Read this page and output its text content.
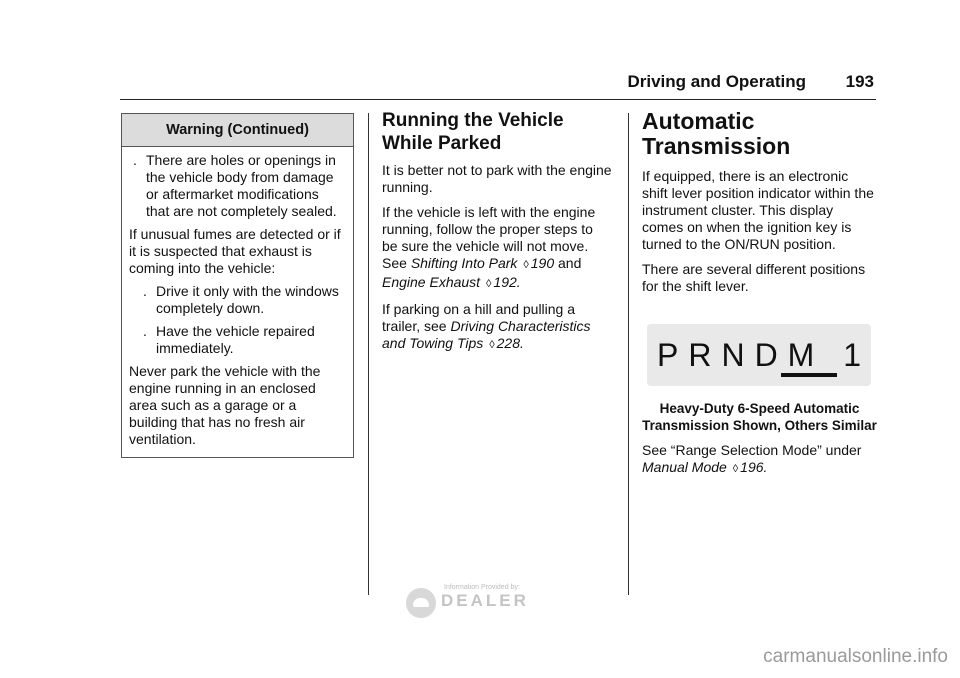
Driving and Operating 193
Warning (Continued)
. There are holes or openings in the vehicle body from damage or aftermarket modifications that are not completely sealed.

If unusual fumes are detected or if it is suspected that exhaust is coming into the vehicle:

. Drive it only with the windows completely down.
. Have the vehicle repaired immediately.

Never park the vehicle with the engine running in an enclosed area such as a garage or a building that has no fresh air ventilation.

Running the Vehicle While Parked

It is better not to park with the engine running.

If the vehicle is left with the engine running, follow the proper steps to be sure the vehicle will not move. See Shifting Into Park ◊ 190 and Engine Exhaust ◊ 192.

If parking on a hill and pulling a trailer, see Driving Characteristics and Towing Tips ◊ 228.

Automatic Transmission

If equipped, there is an electronic shift lever position indicator within the instrument cluster. This display comes on when the ignition key is turned to the ON/RUN position.

There are several different positions for the shift lever.

PRNDM 1

Heavy-Duty 6-Speed Automatic Transmission Shown, Others Similar

See “Range Selection Mode” under Manual Mode ◊ 196.

Information Provided by:
DEALER
carmanualsonline.info
